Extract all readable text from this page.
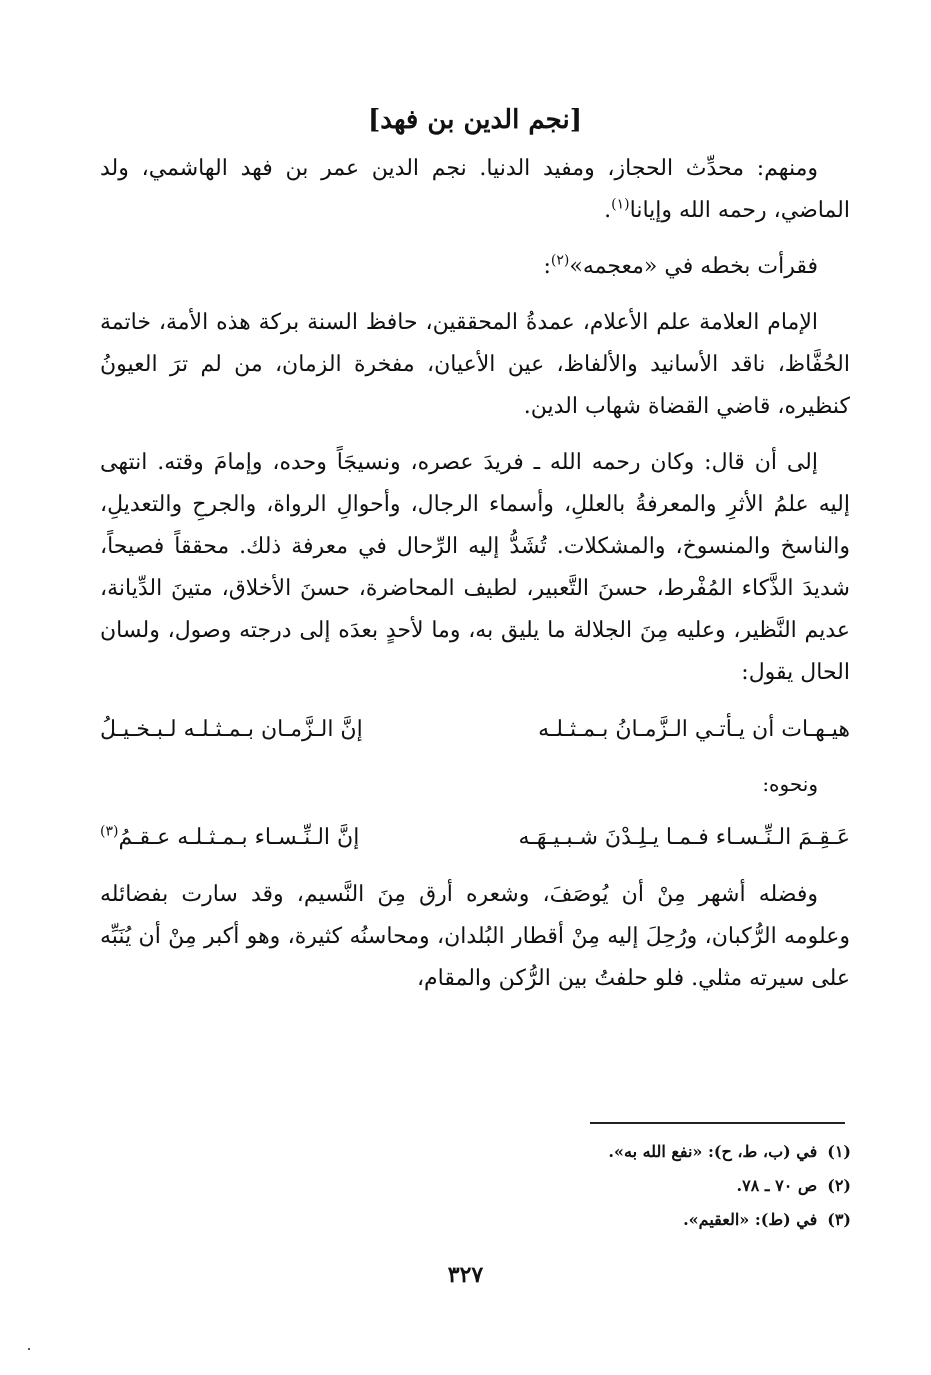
[نجم الدين بن فهد]

ومنهم: محدِّث الحجاز، ومفيد الدنيا. نجم الدين عمر بن فهد الهاشمي، ولد الماضي، رحمه الله وإيانا$^{(١)}$.

فقرأت بخطه في «معجمه»$^{(٢)}$:

الإمام العلامة علم الأعلام، عمدةُ المحققين، حافظ السنة بركة هذه الأمة، خاتمة الحُفَّاظ، ناقد الأسانيد والألفاظ، عين الأعيان، مفخرة الزمان، من لم ترَ العيونُ كنظيره، قاضي القضاة شهاب الدين.

إلى أن قال: وكان رحمه الله ـ فريدَ عصره، ونسيجَاً وحده، وإمامَ وقته. انتهى إليه علمُ الأثرِ والمعرفةُ بالعللِ، وأسماء الرجال، وأحوالِ الرواة، والجرحِ والتعديلِ، والناسخ والمنسوخ، والمشكلات. تُشَدُّ إليه الرِّحال في معرفة ذلك. محققاً فصيحاً، شديدَ الذَّكاء المُفْرط، حسنَ التَّعبير، لطيف المحاضرة، حسنَ الأخلاق، متينَ الدِّيانة، عديم النَّظير، وعليه مِنَ الجلالة ما يليق به، وما لأحدٍ بعدَه إلى درجته وصول، ولسان الحال يقول:

هيـهـات أن يـأتـي الـزَّمـانُ بـمـثـلـه
إنَّ الـزَّمـان بـمـثـلـه لـبـخـيـلُ

ونحوه:

عَـقِـمَ الـنِّـسـاء فـمـا يـلِـدْنَ شـبـيـهَـه
إنَّ الـنِّـسـاء بـمـثـلـه عـقـمُ$^{(٣)}$

وفضله أشهر مِنْ أن يُوصَفَ، وشعره أرق مِنَ النَّسيم، وقد سارت بفضائله وعلومه الرُّكبان، ورُحِلَ إليه مِنْ أقطار البُلدان، ومحاسنُه كثيرة، وهو أكبر مِنْ أن يُنَبِّه على سيرته مثلي. فلو حلفتُ بين الرُّكن والمقام،

(١)في (ب، ط، ح): «نفع الله به».

(٢)ص ٧٠ ـ ٧٨.

(٣)في (ط): «العقيم».

٣٢٧
